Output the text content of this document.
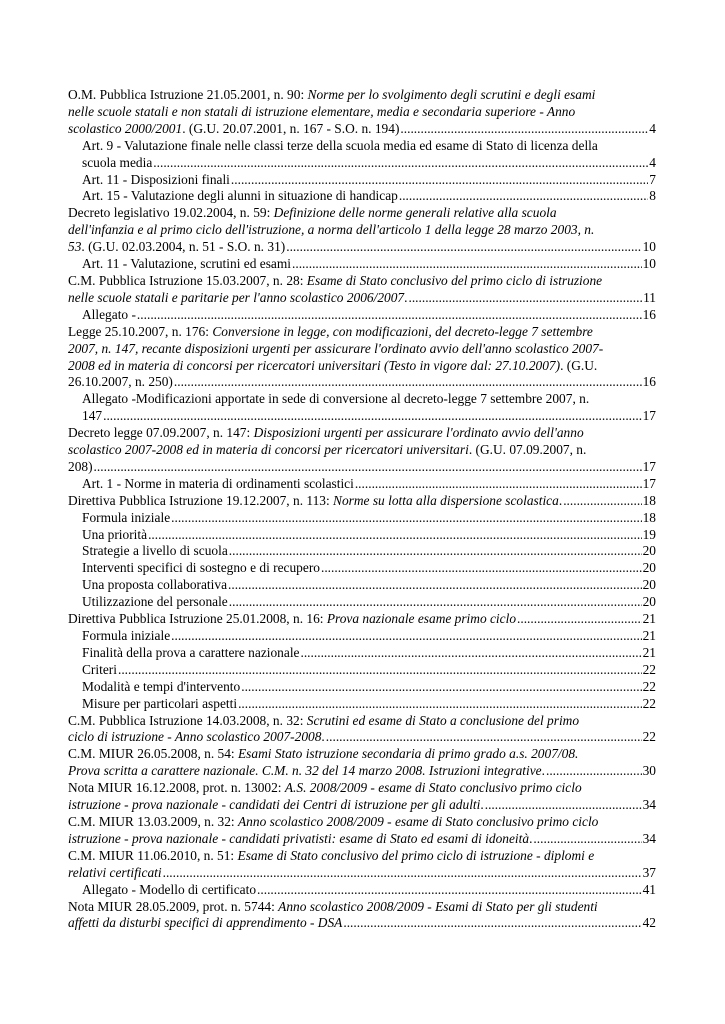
O.M. Pubblica Istruzione 21.05.2001, n. 90: Norme per lo svolgimento degli scrutini e degli esami
nelle scuole statali e non statali di istruzione elementare, media e secondaria superiore - Anno
scolastico 2000/2001. (G.U. 20.07.2001, n. 167 - S.O. n. 194) .....	4
Art. 9 - Valutazione finale nelle classi terze della scuola media ed esame di Stato di licenza della
scuola media .....	4
Art. 11 - Disposizioni finali .....	7
Art. 15 - Valutazione degli alunni in situazione di handicap .....	8
Decreto legislativo 19.02.2004, n. 59: Definizione delle norme generali relative alla scuola
dell'infanzia e al primo ciclo dell'istruzione, a norma dell'articolo 1 della legge 28 marzo 2003, n.
53. (G.U. 02.03.2004, n. 51 - S.O. n. 31) .....	10
Art. 11 - Valutazione, scrutini ed esami .....	10
C.M. Pubblica Istruzione 15.03.2007, n. 28: Esame di Stato conclusivo del primo ciclo di istruzione
nelle scuole statali e paritarie per l'anno scolastico 2006/2007. .....	11
Allegato - .....	16
Legge 25.10.2007, n. 176: Conversione in legge, con modificazioni, del decreto-legge 7 settembre
2007, n. 147, recante disposizioni urgenti per assicurare l'ordinato avvio dell'anno scolastico 2007-
2008 ed in materia di concorsi per ricercatori universitari (Testo in vigore dal: 27.10.2007). (G.U.
26.10.2007, n. 250) .....	16
Allegato -Modificazioni apportate in sede di conversione al decreto-legge 7 settembre 2007, n.
147 .....	17
Decreto legge 07.09.2007, n. 147: Disposizioni urgenti per assicurare l'ordinato avvio dell'anno
scolastico 2007-2008 ed in materia di concorsi per ricercatori universitari. (G.U. 07.09.2007, n.
208) .....	17
Art. 1 - Norme in materia di ordinamenti scolastici .....	17
Direttiva Pubblica Istruzione 19.12.2007, n. 113: Norme su lotta alla dispersione scolastica. .....	18
Formula iniziale .....	18
Una priorità .....	19
Strategie a livello di scuola .....	20
Interventi specifici di sostegno e di recupero .....	20
Una proposta collaborativa .....	20
Utilizzazione del personale .....	20
Direttiva Pubblica Istruzione 25.01.2008, n. 16: Prova nazionale esame primo ciclo .....	21
Formula iniziale .....	21
Finalità della prova a carattere nazionale .....	21
Criteri .....	22
Modalità e tempi d'intervento .....	22
Misure per particolari aspetti .....	22
C.M. Pubblica Istruzione 14.03.2008, n. 32: Scrutini ed esame di Stato a conclusione del primo
ciclo di istruzione - Anno scolastico 2007-2008. .....	22
C.M. MIUR 26.05.2008, n. 54: Esami Stato istruzione secondaria di primo grado a.s. 2007/08.
Prova scritta a carattere nazionale. C.M. n. 32 del 14 marzo 2008. Istruzioni integrative. .....	30
Nota MIUR 16.12.2008, prot. n. 13002: A.S. 2008/2009 - esame di Stato conclusivo primo ciclo
istruzione - prova nazionale - candidati dei Centri di istruzione per gli adulti. .....	34
C.M. MIUR 13.03.2009, n. 32: Anno scolastico 2008/2009 - esame di Stato conclusivo primo ciclo
istruzione - prova nazionale - candidati privatisti: esame di Stato ed esami di idoneità. .....	34
C.M. MIUR 11.06.2010, n. 51: Esame di Stato conclusivo del primo ciclo di istruzione - diplomi e
relativi certificati .....	37
Allegato - Modello di certificato .....	41
Nota MIUR 28.05.2009, prot. n. 5744: Anno scolastico 2008/2009 - Esami di Stato per gli studenti
affetti da disturbi specifici di apprendimento - DSA .....	42
